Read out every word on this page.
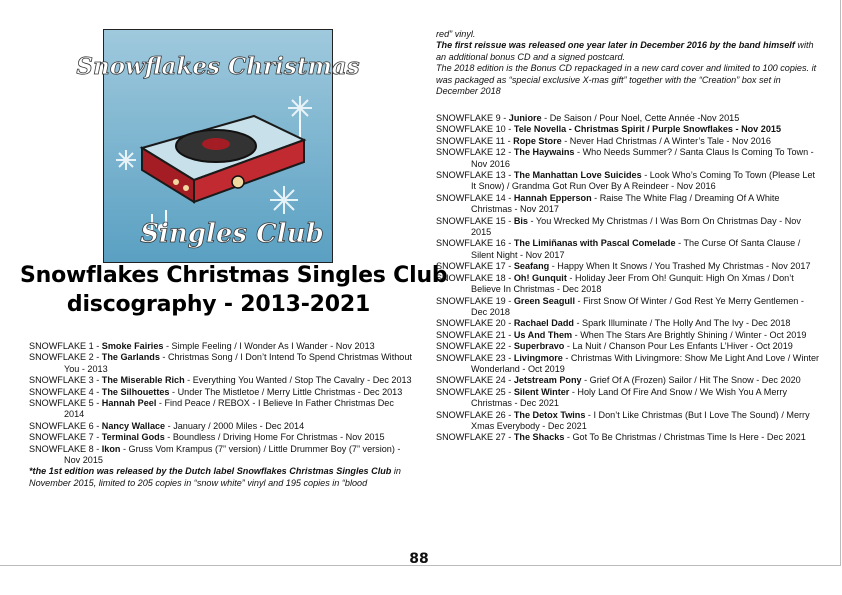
Snowflakes Christmas
Singles Club
Snowflakes Christmas Singles Club
discography - 2013-2021
SNOWFLAKE 1 - Smoke Fairies - Simple Feeling / I Wonder As I Wander - Nov 2013
SNOWFLAKE 2 - The Garlands - Christmas Song / I Don’t Intend To Spend Christmas Without You - 2013
SNOWFLAKE 3 - The Miserable Rich - Everything You Wanted / Stop The Cavalry - Dec 2013
SNOWFLAKE 4 - The Silhouettes - Under The Mistletoe / Merry Little Christmas - Dec 2013
SNOWFLAKE 5 - Hannah Peel - Find Peace / REBOX - I Believe In Father Christmas Dec 2014
SNOWFLAKE 6 - Nancy Wallace - January / 2000 Miles - Dec 2014
SNOWFLAKE 7 - Terminal Gods - Boundless / Driving Home For Christmas - Nov 2015
SNOWFLAKE 8 - Ikon - Gruss Vom Krampus (7” version) / Little Drummer Boy (7” version) - Nov 2015
*the 1st edition was released by the Dutch label Snowflakes Christmas Singles Club in November 2015, limited to 205 copies in “snow white” vinyl and 195 copies in “blood
red” vinyl.
The first reissue was released one year later in December 2016 by the band himself with an additional bonus CD and a signed postcard.
The 2018 edition is the Bonus CD repackaged in a new card cover and limited to 100 copies. it was packaged as “special exclusive X-mas gift” together with the “Creation” box set in December 2018
SNOWFLAKE 9 - Juniore - De Saison / Pour Noel, Cette Année -Nov 2015
SNOWFLAKE 10 - Tele Novella - Christmas Spirit / Purple Snowflakes - Nov 2015
SNOWFLAKE 11 - Rope Store - Never Had Christmas / A Winter’s Tale - Nov 2016
SNOWFLAKE 12 - The Haywains - Who Needs Summer? / Santa Claus Is Coming To Town - Nov 2016
SNOWFLAKE 13 - The Manhattan Love Suicides - Look Who’s Coming To Town (Please Let It Snow) / Grandma Got Run Over By A Reindeer - Nov 2016
SNOWFLAKE 14 - Hannah Epperson - Raise The White Flag / Dreaming Of A White Christmas - Nov 2017
SNOWFLAKE 15 - Bis - You Wrecked My Christmas / I Was Born On Christmas Day - Nov 2015
SNOWFLAKE 16 - The Limiñanas with Pascal Comelade - The Curse Of Santa Clause / Silent Night - Nov 2017
SNOWFLAKE 17 - Seafang - Happy When It Snows / You Trashed My Christmas - Nov 2017
SNOWFLAKE 18 - Oh! Gunquit - Holiday Jeer From Oh! Gunquit: High On Xmas / Don’t Believe In Christmas - Dec 2018
SNOWFLAKE 19 - Green Seagull - First Snow Of Winter / God Rest Ye Merry Gentlemen - Dec 2018
SNOWFLAKE 20 - Rachael Dadd - Spark Illuminate / The Holly And The Ivy - Dec 2018
SNOWFLAKE 21 - Us And Them - When The Stars Are Brightly Shining / Winter - Oct 2019
SNOWFLAKE 22 - Superbravo - La Nuit / Chanson Pour Les Enfants L’Hiver - Oct 2019
SNOWFLAKE 23 - Livingmore - Christmas With Livingmore: Show Me Light And Love / Winter Wonderland - Oct 2019
SNOWFLAKE 24 - Jetstream Pony - Grief Of A (Frozen) Sailor / Hit The Snow - Dec 2020
SNOWFLAKE 25 - Silent Winter - Holy Land Of Fire And Snow / We Wish You A Merry Christmas - Dec 2021
SNOWFLAKE 26 - The Detox Twins - I Don’t Like Christmas (But I Love The Sound) / Merry Xmas Everybody - Dec 2021
SNOWFLAKE 27 - The Shacks - Got To Be Christmas / Christmas Time Is Here - Dec 2021
88
